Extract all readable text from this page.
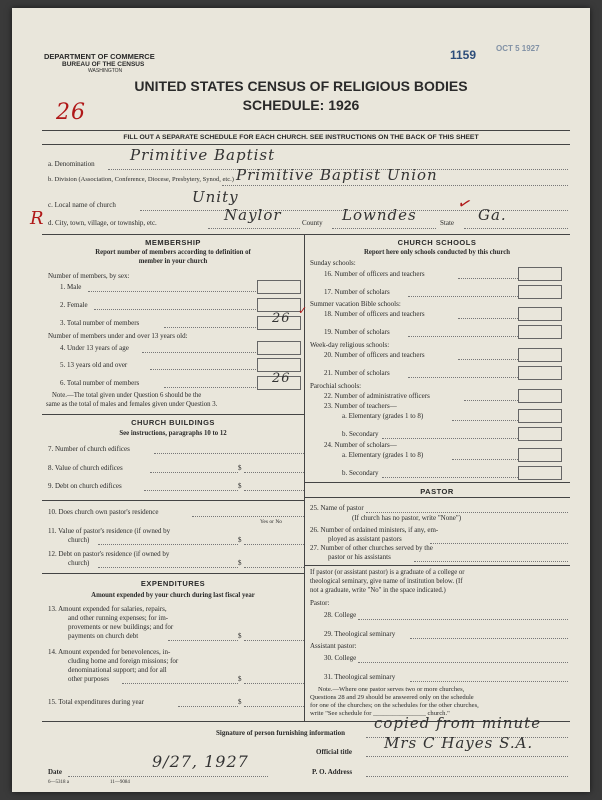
DEPARTMENT OF COMMERCE
BUREAU OF THE CENSUS
WASHINGTON
1159 OCT 5 1927
UNITED STATES CENSUS OF RELIGIOUS BODIES
SCHEDULE: 1926
26
FILL OUT A SEPARATE SCHEDULE FOR EACH CHURCH. SEE INSTRUCTIONS ON THE BACK OF THIS SHEET
a. Denomination Primitive Baptist
b. Division (Association, Conference, Diocese, Presbytery, Synod, etc.) Primitive Baptist Union
c. Local name of church	Unity
R d. City, town, village, or township, etc.	Naylor	County Lowndes	State Ga.
✓
MEMBERSHIP
Report number of members according to definition of
member in your church
Number of members, by sex:
1. Male
2. Female
3. Total number of members	26 ✓
Number of members under and over 13 years old:
4. Under 13 years of age
5. 13 years old and over
6. Total number of members	26
Note.—The total given under Question 6 should be the
same as the total of males and females given under Question 3.
CHURCH BUILDINGS
See instructions, paragraphs 10 to 12
7. Number of church edifices
8. Value of church edifices	$
9. Debt on church edifices	$
10. Does church own pastor's residence
Yes or No
11. Value of pastor's residence (if owned by
church)	$
12. Debt on pastor's residence (if owned by
church)	$
EXPENDITURES
Amount expended by your church during last fiscal year
13. Amount expended for salaries, repairs,
and other running expenses; for im-
provements or new buildings; and for
payments on church debt	$
14. Amount expended for benevolences, in-
cluding home and foreign missions; for
denominational support; and for all
other purposes	$
15. Total expenditures during year	$
CHURCH SCHOOLS
Report here only schools conducted by this church
Sunday schools:
16. Number of officers and teachers
17. Number of scholars
Summer vacation Bible schools:
18. Number of officers and teachers
19. Number of scholars
Week-day religious schools:
20. Number of officers and teachers
21. Number of scholars
Parochial schools:
22. Number of administrative officers
23. Number of teachers—
a. Elementary (grades 1 to 8)
b. Secondary
24. Number of scholars—
a. Elementary (grades 1 to 8)
b. Secondary
PASTOR
25. Name of pastor
(If church has no pastor, write "None")
26. Number of ordained ministers, if any, em-
ployed as assistant pastors
27. Number of other churches served by the
pastor or his assistants
If pastor (or assistant pastor) is a graduate of a college or
theological seminary, give name of institution below. (If
not a graduate, write "No" in the space indicated.)
Pastor:
28. College
29. Theological seminary
Assistant pastor:
30. College
31. Theological seminary
Note.—Where one pastor serves two or more churches,
Questions 28 and 29 should be answered only on the schedule
for one of the churches; on the schedules for the other churches,
write "See schedule for ________________ church."
Signature of person furnishing information
copied from minute
Official title Mrs C Hayes S.A.
Date
9/27, 1927
P. O. Address
6—5318 a	11—9084
